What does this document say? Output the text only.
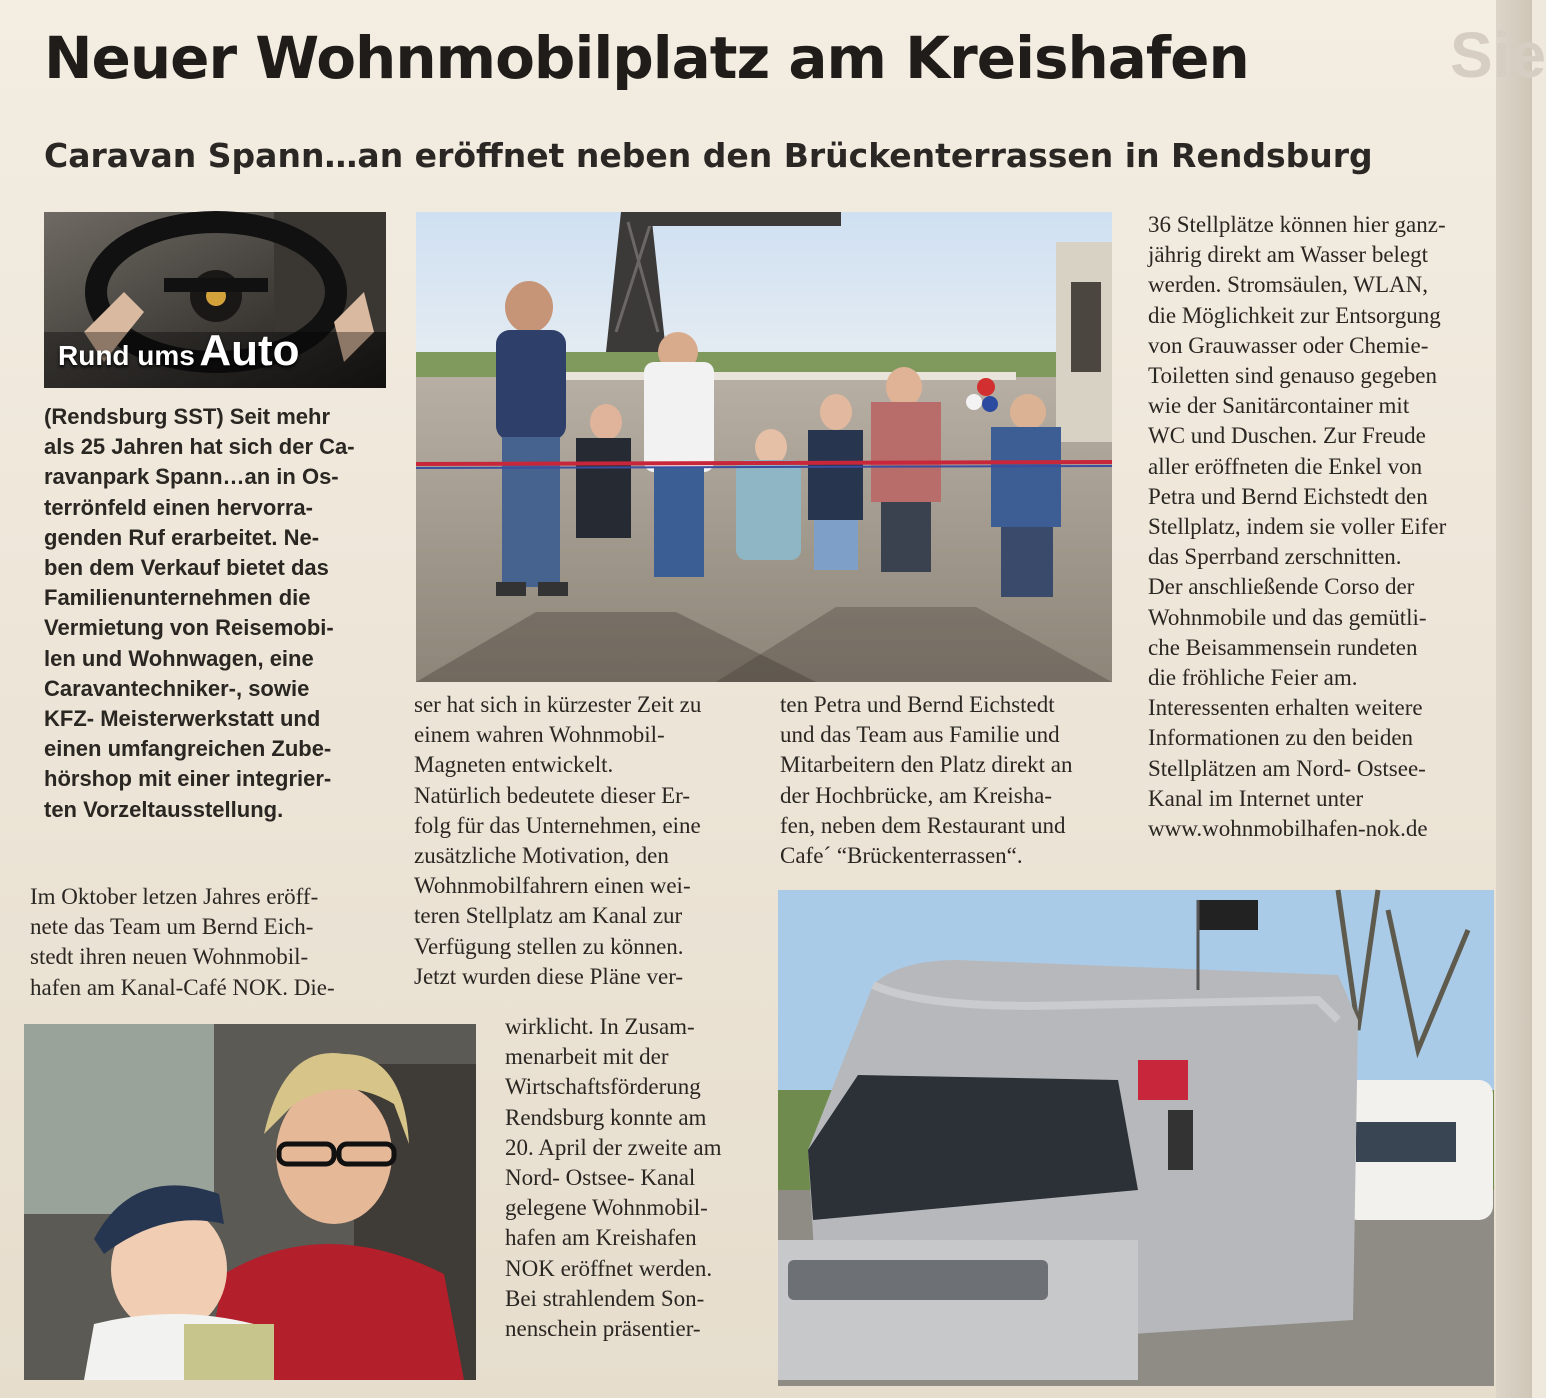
Sie
Neuer Wohnmobilplatz am Kreishafen
Caravan Spann…an eröffnet neben den Brückenterrassen in Rendsburg
Rund ums Auto
(Rendsburg SST) Seit mehr
als 25 Jahren hat sich der Ca-
ravanpark Spann…an in Os-
terrönfeld einen hervorra-
genden Ruf erarbeitet. Ne-
ben dem Verkauf bietet das
Familienunternehmen die
Vermietung von Reisemobi-
len und Wohnwagen, eine
Caravantechniker-, sowie
KFZ- Meisterwerkstatt und
einen umfangreichen Zube-
hörshop mit einer integrier-
ten Vorzeltausstellung.
Im Oktober letzen Jahres eröff-
nete das Team um Bernd Eich-
stedt ihren neuen Wohnmobil-
hafen am Kanal-Café NOK. Die-
ser hat sich in kürzester Zeit zu
einem wahren Wohnmobil-
Magneten entwickelt.
Natürlich bedeutete dieser Er-
folg für das Unternehmen, eine
zusätzliche Motivation, den
Wohnmobilfahrern einen wei-
teren Stellplatz am Kanal zur
Verfügung stellen zu können.
Jetzt wurden diese Pläne ver-
wirklicht. In Zusam-
menarbeit mit der
Wirtschaftsförderung
Rendsburg konnte am
20. April der zweite am
Nord- Ostsee- Kanal
gelegene Wohnmobil-
hafen am Kreishafen
NOK eröffnet werden.
Bei strahlendem Son-
nenschein präsentier-
ten Petra und Bernd Eichstedt
und das Team aus Familie und
Mitarbeitern den Platz direkt an
der Hochbrücke, am Kreisha-
fen, neben dem Restaurant und
Cafe´ “Brückenterrassen“.
36 Stellplätze können hier ganz-
jährig direkt am Wasser belegt
werden. Stromsäulen, WLAN,
die Möglichkeit zur Entsorgung
von Grauwasser oder Chemie-
Toiletten sind genauso gegeben
wie der Sanitärcontainer mit
WC und Duschen. Zur Freude
aller eröffneten die Enkel von
Petra und Bernd Eichstedt den
Stellplatz, indem sie voller Eifer
das Sperrband zerschnitten.
Der anschließende Corso der
Wohnmobile und das gemütli-
che Beisammensein rundeten
die fröhliche Feier am.
Interessenten erhalten weitere
Informationen zu den beiden
Stellplätzen am Nord- Ostsee-
Kanal im Internet unter
www.wohnmobilhafen-nok.de
